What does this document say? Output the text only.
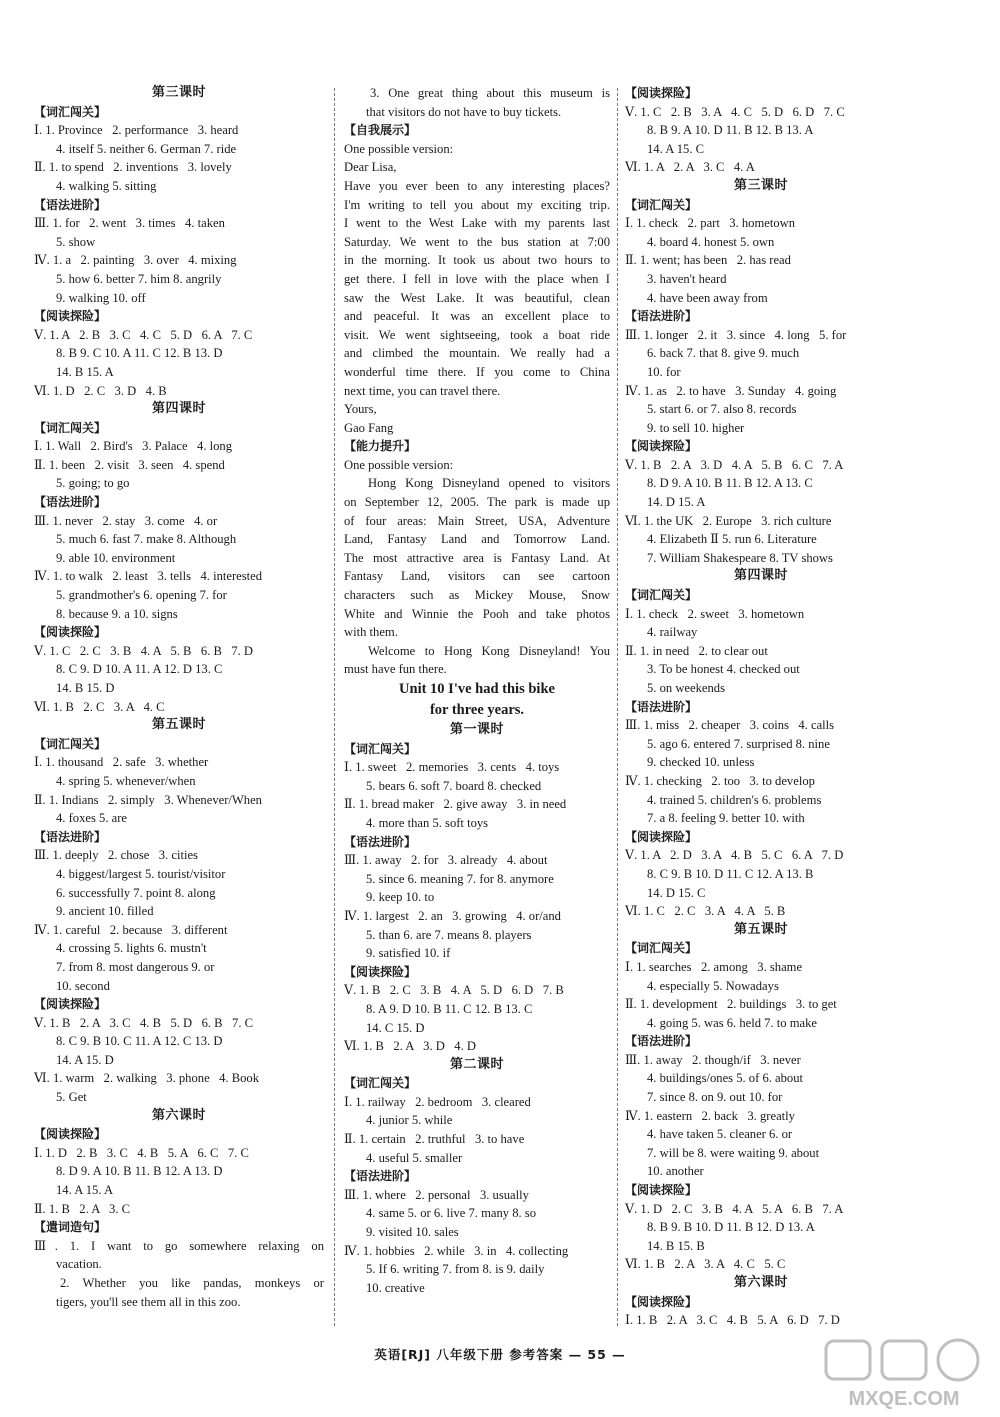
第三课时
【词汇闯关】
Ⅰ. 1. Province   2. performance   3. heard
4. itself 5. neither 6. German 7. ride
Ⅱ. 1. to spend   2. inventions   3. lovely
4. walking 5. sitting
【语法进阶】
Ⅲ. 1. for   2. went   3. times   4. taken
5. show
Ⅳ. 1. a   2. painting   3. over   4. mixing
5. how 6. better 7. him 8. angrily
9. walking 10. off
【阅读探险】
Ⅴ. 1. A   2. B   3. C   4. C   5. D   6. A   7. C
8. B 9. C 10. A 11. C 12. B 13. D
14. B 15. A
Ⅵ. 1. D   2. C   3. D   4. B
第四课时
【词汇闯关】
Ⅰ. 1. Wall   2. Bird's   3. Palace   4. long
Ⅱ. 1. been   2. visit   3. seen   4. spend
5. going; to go
【语法进阶】
Ⅲ. 1. never   2. stay   3. come   4. or
5. much 6. fast 7. make 8. Although
9. able 10. environment
Ⅳ. 1. to walk   2. least   3. tells   4. interested
5. grandmother's 6. opening 7. for
8. because 9. a 10. signs
【阅读探险】
Ⅴ. 1. C   2. C   3. B   4. A   5. B   6. B   7. D
8. C 9. D 10. A 11. A 12. D 13. C
14. B 15. D
Ⅵ. 1. B   2. C   3. A   4. C
第五课时
【词汇闯关】
Ⅰ. 1. thousand   2. safe   3. whether
4. spring 5. whenever/when
Ⅱ. 1. Indians   2. simply   3. Whenever/When
4. foxes 5. are
【语法进阶】
Ⅲ. 1. deeply   2. chose   3. cities
4. biggest/largest 5. tourist/visitor
6. successfully 7. point 8. along
9. ancient 10. filled
Ⅳ. 1. careful   2. because   3. different
4. crossing 5. lights 6. mustn't
7. from 8. most dangerous 9. or
10. second
【阅读探险】
Ⅴ. 1. B   2. A   3. C   4. B   5. D   6. B   7. C
8. C 9. B 10. C 11. A 12. C 13. D
14. A 15. D
Ⅵ. 1. warm   2. walking   3. phone   4. Book
5. Get
第六课时
【阅读探险】
Ⅰ. 1. D   2. B   3. C   4. B   5. A   6. C   7. C
8. D 9. A 10. B 11. B 12. A 13. D
14. A 15. A
Ⅱ. 1. B   2. A   3. C
【遣词造句】
Ⅲ. 1. I want to go somewhere relaxing on
vacation.
2. Whether you like pandas, monkeys or
tigers, you'll see them all in this zoo.
3. One great thing about this museum is
that visitors do not have to buy tickets.
【自我展示】
One possible version:
Dear Lisa,
Have you ever been to any interesting places?
I'm writing to tell you about my exciting trip.
I went to the West Lake with my parents last
Saturday. We went to the bus station at 7:00
in the morning. It took us about two hours to
get there. I fell in love with the place when I
saw the West Lake. It was beautiful, clean
and peaceful. It was an excellent place to
visit. We went sightseeing, took a boat ride
and climbed the mountain. We really had a
wonderful time there. If you come to China
next time, you can travel there.
Yours,
Gao Fang
【能力提升】
One possible version:
Hong Kong Disneyland opened to visitors
on September 12, 2005. The park is made up
of four areas: Main Street, USA, Adventure
Land, Fantasy Land and Tomorrow Land.
The most attractive area is Fantasy Land. At
Fantasy Land, visitors can see cartoon
characters such as Mickey Mouse, Snow
White and Winnie the Pooh and take photos
with them.
Welcome to Hong Kong Disneyland! You
must have fun there.
Unit 10 I've had this bike
for three years.
第一课时
【词汇闯关】
Ⅰ. 1. sweet   2. memories   3. cents   4. toys
5. bears 6. soft 7. board 8. checked
Ⅱ. 1. bread maker   2. give away   3. in need
4. more than 5. soft toys
【语法进阶】
Ⅲ. 1. away   2. for   3. already   4. about
5. since 6. meaning 7. for 8. anymore
9. keep 10. to
Ⅳ. 1. largest   2. an   3. growing   4. or/and
5. than 6. are 7. means 8. players
9. satisfied 10. if
【阅读探险】
Ⅴ. 1. B   2. C   3. B   4. A   5. D   6. D   7. B
8. A 9. D 10. B 11. C 12. B 13. C
14. C 15. D
Ⅵ. 1. B   2. A   3. D   4. D
第二课时
【词汇闯关】
Ⅰ. 1. railway   2. bedroom   3. cleared
4. junior 5. while
Ⅱ. 1. certain   2. truthful   3. to have
4. useful 5. smaller
【语法进阶】
Ⅲ. 1. where   2. personal   3. usually
4. same 5. or 6. live 7. many 8. so
9. visited 10. sales
Ⅳ. 1. hobbies   2. while   3. in   4. collecting
5. If 6. writing 7. from 8. is 9. daily
10. creative
【阅读探险】
Ⅴ. 1. C   2. B   3. A   4. C   5. D   6. D   7. C
8. B 9. A 10. D 11. B 12. B 13. A
14. A 15. C
Ⅵ. 1. A   2. A   3. C   4. A
第三课时
【词汇闯关】
Ⅰ. 1. check   2. part   3. hometown
4. board 4. honest 5. own
Ⅱ. 1. went; has been   2. has read
3. haven't heard
4. have been away from
【语法进阶】
Ⅲ. 1. longer   2. it   3. since   4. long   5. for
6. back 7. that 8. give 9. much
10. for
Ⅳ. 1. as   2. to have   3. Sunday   4. going
5. start 6. or 7. also 8. records
9. to sell 10. higher
【阅读探险】
Ⅴ. 1. B   2. A   3. D   4. A   5. B   6. C   7. A
8. D 9. A 10. B 11. B 12. A 13. C
14. D 15. A
Ⅵ. 1. the UK   2. Europe   3. rich culture
4. Elizabeth Ⅱ 5. run 6. Literature
7. William Shakespeare 8. TV shows
第四课时
【词汇闯关】
Ⅰ. 1. check   2. sweet   3. hometown
4. railway
Ⅱ. 1. in need   2. to clear out
3. To be honest 4. checked out
5. on weekends
【语法进阶】
Ⅲ. 1. miss   2. cheaper   3. coins   4. calls
5. ago 6. entered 7. surprised 8. nine
9. checked 10. unless
Ⅳ. 1. checking   2. too   3. to develop
4. trained 5. children's 6. problems
7. a 8. feeling 9. better 10. with
【阅读探险】
Ⅴ. 1. A   2. D   3. A   4. B   5. C   6. A   7. D
8. C 9. B 10. D 11. C 12. A 13. B
14. D 15. C
Ⅵ. 1. C   2. C   3. A   4. A   5. B
第五课时
【词汇闯关】
Ⅰ. 1. searches   2. among   3. shame
4. especially 5. Nowadays
Ⅱ. 1. development   2. buildings   3. to get
4. going 5. was 6. held 7. to make
【语法进阶】
Ⅲ. 1. away   2. though/if   3. never
4. buildings/ones 5. of 6. about
7. since 8. on 9. out 10. for
Ⅳ. 1. eastern   2. back   3. greatly
4. have taken 5. cleaner 6. or
7. will be 8. were waiting 9. about
10. another
【阅读探险】
Ⅴ. 1. D   2. C   3. B   4. A   5. A   6. B   7. A
8. B 9. B 10. D 11. B 12. D 13. A
14. B 15. B
Ⅵ. 1. B   2. A   3. A   4. C   5. C
第六课时
【阅读探险】
Ⅰ. 1. B   2. A   3. C   4. B   5. A   6. D   7. D
英语[RJ] 八年级下册 参考答案 — 55 —
MXQE.COM
